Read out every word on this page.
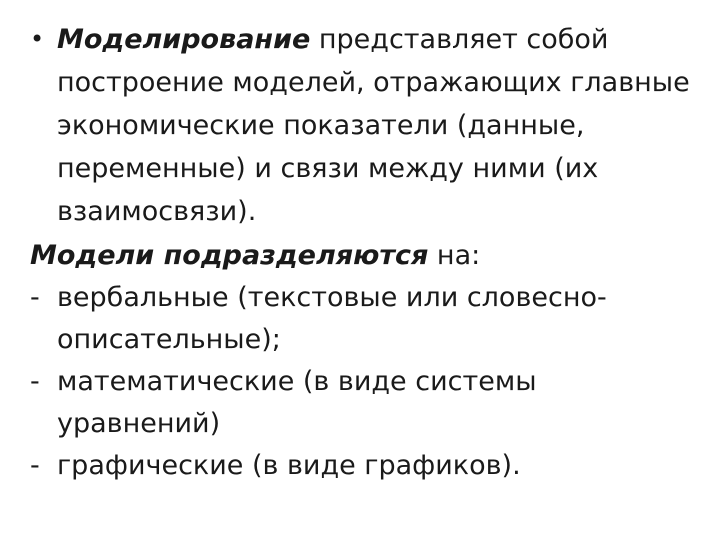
• Моделирование представляет собой построение моделей, отражающих главные экономические показатели (данные, переменные) и связи между ними (их взаимосвязи).
Модели подразделяются на:
- вербальные (текстовые или словесно-описательные);
- математические (в виде системы уравнений)
- графические (в виде графиков).
